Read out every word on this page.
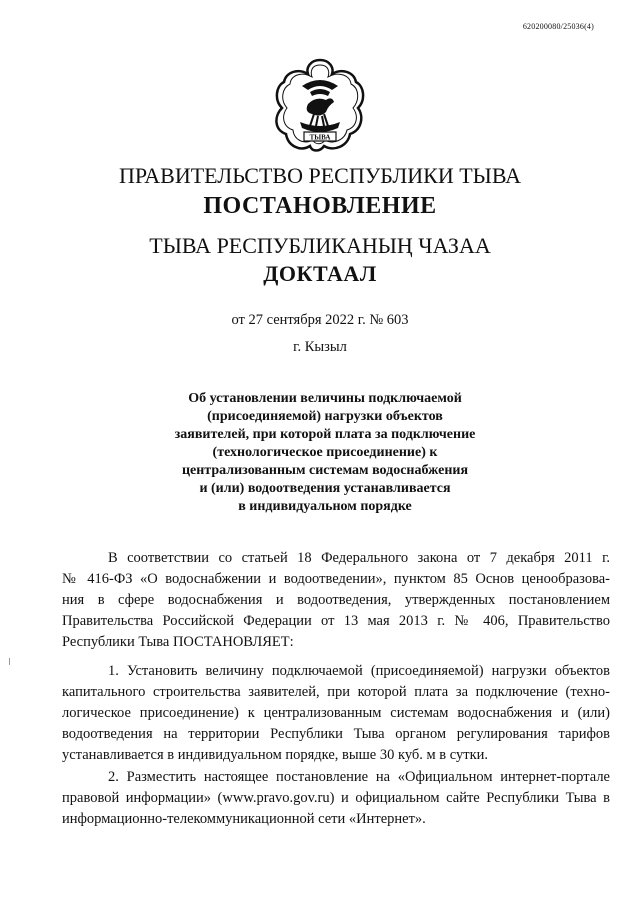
620200080/25036(4)
ТЫВА
ПРАВИТЕЛЬСТВО РЕСПУБЛИКИ ТЫВА
ПОСТАНОВЛЕНИЕ
ТЫВА РЕСПУБЛИКАНЫҢ ЧАЗАА
ДОКТААЛ
от 27 сентября 2022 г. № 603
г. Кызыл
Об установлении величины подключаемой
(присоединяемой) нагрузки объектов
заявителей, при которой плата за подключение
(технологическое присоединение) к
централизованным системам водоснабжения
и (или) водоотведения устанавливается
в индивидуальном порядке
В соответствии со статьей 18 Федерального закона от 7 декабря 2011 г.
№ 416-ФЗ «О водоснабжении и водоотведении», пунктом 85 Основ ценообразова-
ния в сфере водоснабжения и водоотведения, утвержденных постановлением
Правительства Российской Федерации от 13 мая 2013 г. № 406, Правительство
Республики Тыва ПОСТАНОВЛЯЕТ:
1. Установить величину подключаемой (присоединяемой) нагрузки объектов
капитального строительства заявителей, при которой плата за подключение (техно-
логическое присоединение) к централизованным системам водоснабжения и (или)
водоотведения на территории Республики Тыва органом регулирования тарифов
устанавливается в индивидуальном порядке, выше 30 куб. м в сутки.
2. Разместить настоящее постановление на «Официальном интернет-портале
правовой информации» (www.pravo.gov.ru) и официальном сайте Республики Тыва в
информационно-телекоммуникационной сети «Интернет».
